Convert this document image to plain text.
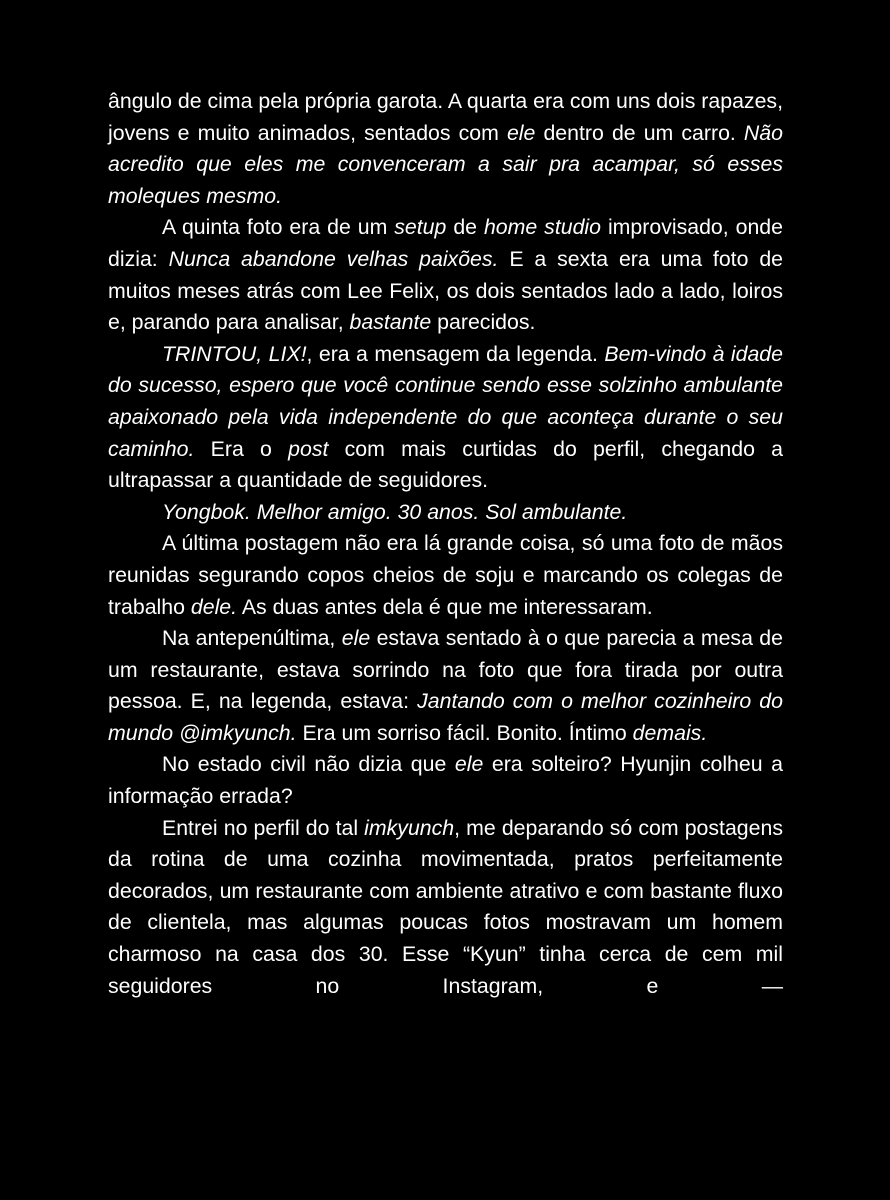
ângulo de cima pela própria garota. A quarta era com uns dois rapazes, jovens e muito animados, sentados com ele dentro de um carro. Não acredito que eles me convenceram a sair pra acampar, só esses moleques mesmo.

A quinta foto era de um setup de home studio improvisado, onde dizia: Nunca abandone velhas paixões. E a sexta era uma foto de muitos meses atrás com Lee Felix, os dois sentados lado a lado, loiros e, parando para analisar, bastante parecidos.

TRINTOU, LIX!, era a mensagem da legenda. Bem-vindo à idade do sucesso, espero que você continue sendo esse solzinho ambulante apaixonado pela vida independente do que aconteça durante o seu caminho. Era o post com mais curtidas do perfil, chegando a ultrapassar a quantidade de seguidores.

Yongbok. Melhor amigo. 30 anos. Sol ambulante.

A última postagem não era lá grande coisa, só uma foto de mãos reunidas segurando copos cheios de soju e marcando os colegas de trabalho dele. As duas antes dela é que me interessaram.

Na antepenúltima, ele estava sentado à o que parecia a mesa de um restaurante, estava sorrindo na foto que fora tirada por outra pessoa. E, na legenda, estava: Jantando com o melhor cozinheiro do mundo @imkyunch. Era um sorriso fácil. Bonito. Íntimo demais.

No estado civil não dizia que ele era solteiro? Hyunjin colheu a informação errada?

Entrei no perfil do tal imkyunch, me deparando só com postagens da rotina de uma cozinha movimentada, pratos perfeitamente decorados, um restaurante com ambiente atrativo e com bastante fluxo de clientela, mas algumas poucas fotos mostravam um homem charmoso na casa dos 30. Esse “Kyun” tinha cerca de cem mil seguidores no Instagram, e —
